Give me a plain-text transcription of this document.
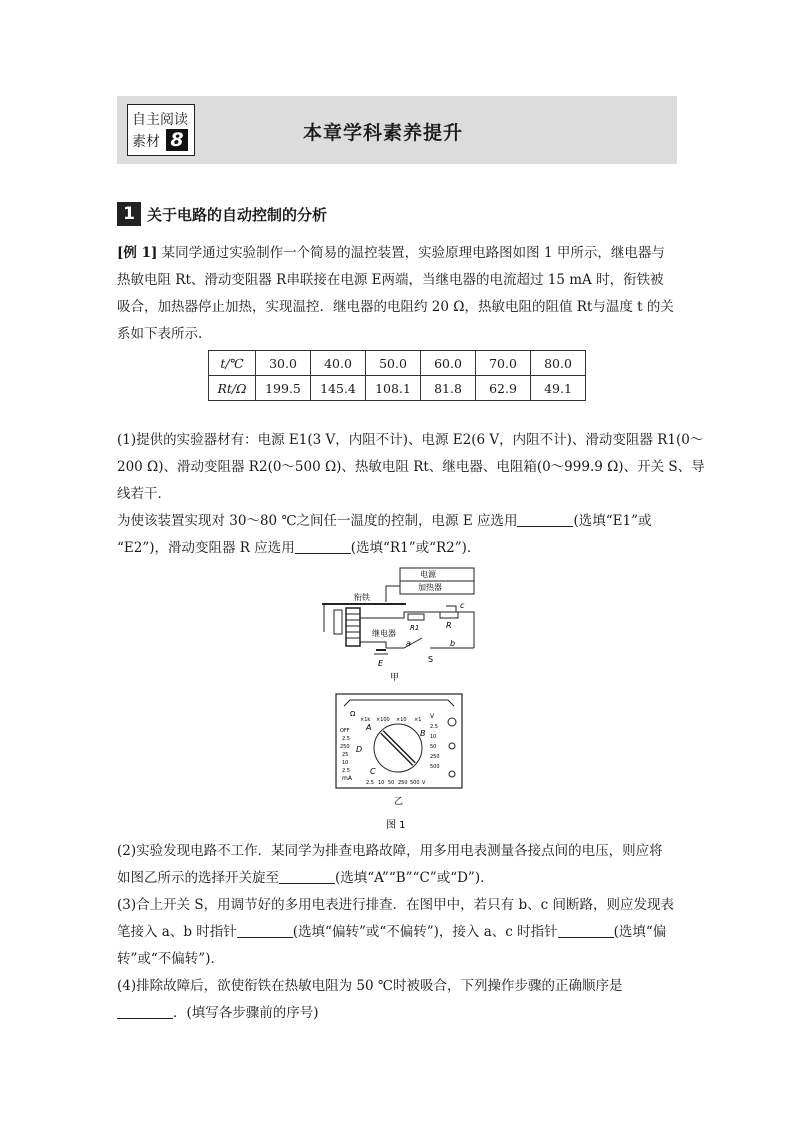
自主阅读
素材 8	本章学科素养提升
1 关于电路的自动控制的分析
[例 1] 某同学通过实验制作一个简易的温控装置，实验原理电路图如图 1 甲所示，继电器与
热敏电阻 Rt、滑动变阻器 R串联接在电源 E两端，当继电器的电流超过 15 mA 时，衔铁被
吸合，加热器停止加热，实现温控．继电器的电阻约 20 Ω，热敏电阻的阻值 Rt与温度 t 的关
系如下表所示.
t/℃	30.0	40.0	50.0	60.0	70.0	80.0
Rt/Ω	199.5	145.4	108.1	81.8	62.9	49.1
(1)提供的实验器材有：电源 E1(3 V，内阻不计)、电源 E2(6 V，内阻不计)、滑动变阻器 R1(0～
200 Ω)、滑动变阻器 R2(0～500 Ω)、热敏电阻 Rt、继电器、电阻箱(0～999.9 Ω)、开关 S、导
线若干．
为使该装置实现对 30～80 ℃之间任一温度的控制，电源 E 应选用	(选填“E1”或
“E2”)，滑动变阻器 R 应选用	(选填“R1”或“R2”)．
电源
加热器
衔铁
继电器
R1	R
c
a	b
S
E
甲
Ω
×1k ×100 ×10 ×1 V
OFF
2.5
250
25
10
2.5
mA
2.5
10
50
250
500
2.5 10 50 250 500 V
A
B
C
D
乙
图 1
(2)实验发现电路不工作．某同学为排查电路故障，用多用电表测量各接点间的电压，则应将
如图乙所示的选择开关旋至	(选填“A”“B”“C”或“D”)．
(3)合上开关 S，用调节好的多用电表进行排查．在图甲中，若只有 b、c 间断路，则应发现表
笔接入 a、b 时指针	(选填“偏转”或“不偏转”)，接入 a、c 时指针	(选填“偏
转”或“不偏转”)．
(4)排除故障后，欲使衔铁在热敏电阻为 50 ℃时被吸合，下列操作步骤的正确顺序是
．(填写各步骤前的序号)
